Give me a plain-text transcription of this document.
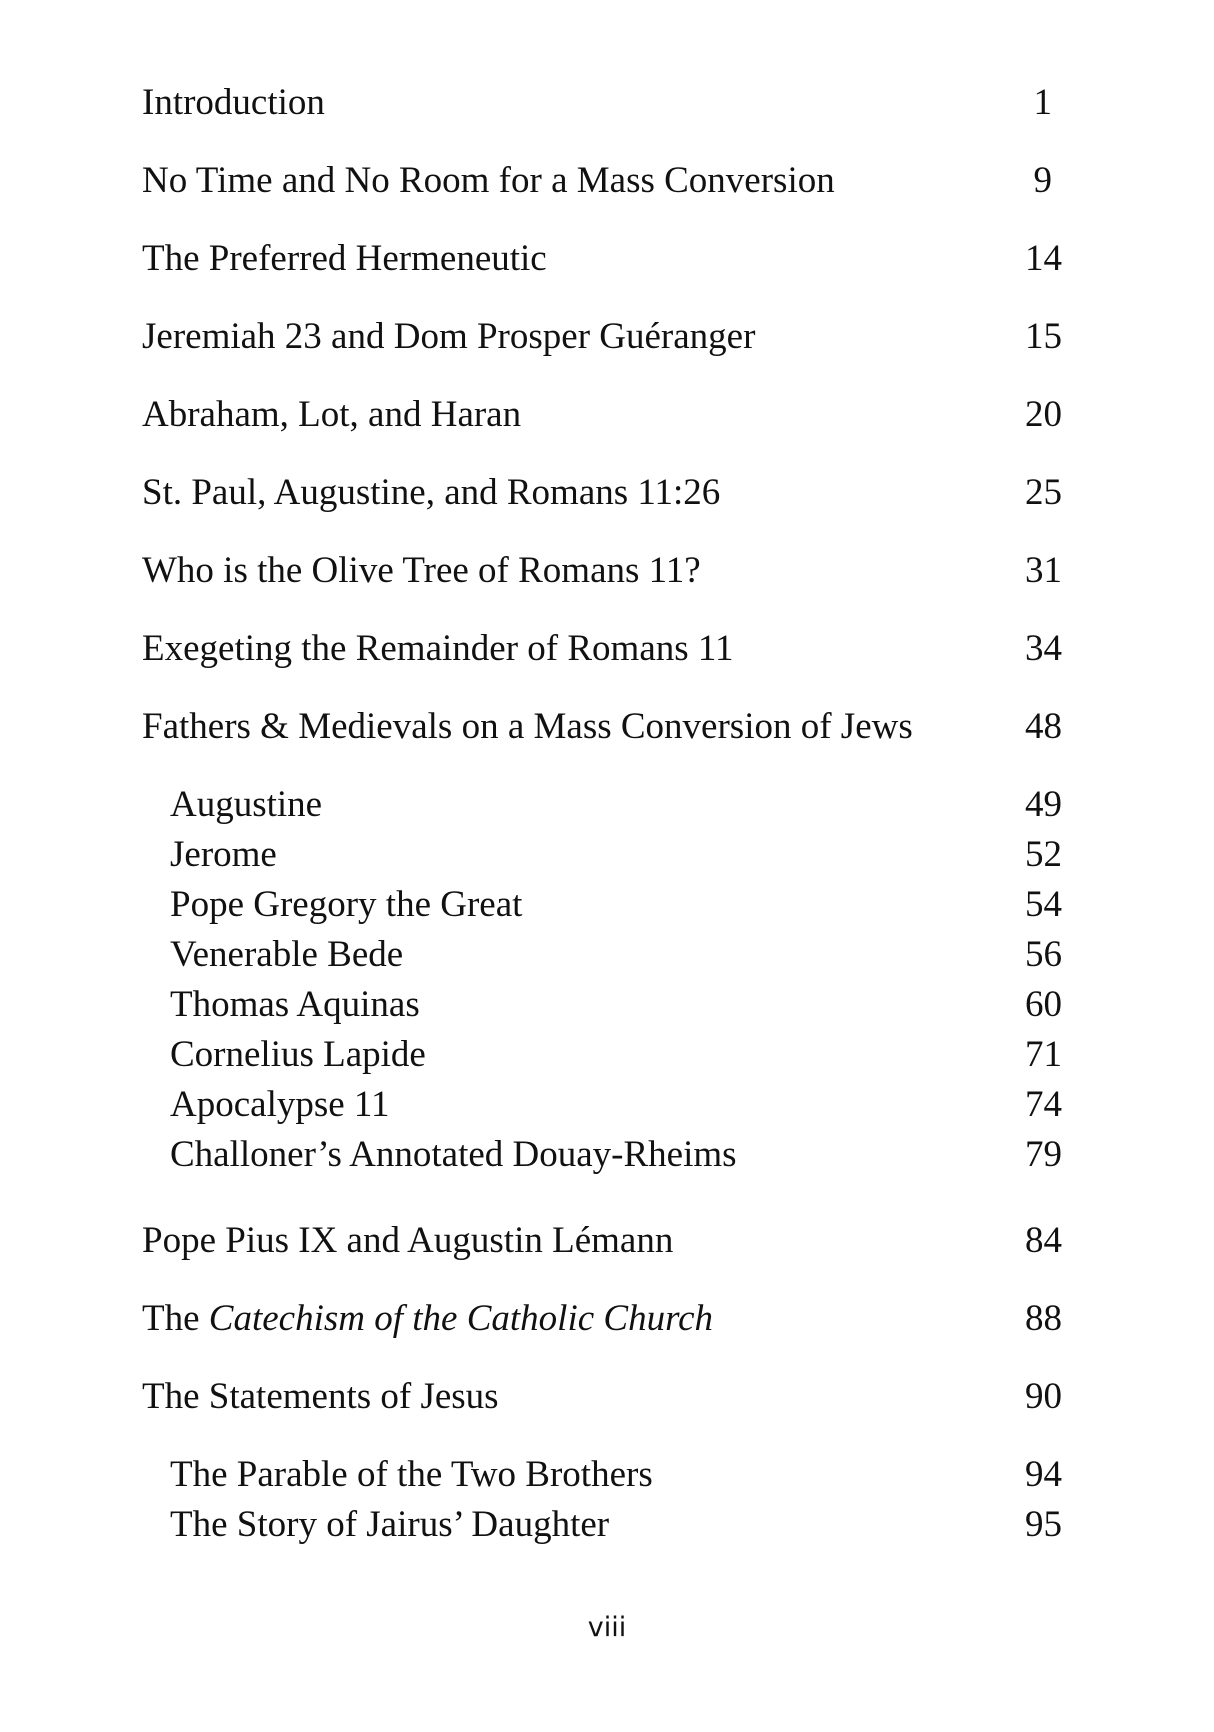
Introduction	1
No Time and No Room for a Mass Conversion	9
The Preferred Hermeneutic	14
Jeremiah 23 and Dom Prosper Guéranger	15
Abraham, Lot, and Haran	20
St. Paul, Augustine, and Romans 11:26	25
Who is the Olive Tree of Romans 11?	31
Exegeting the Remainder of Romans 11	34
Fathers & Medievals on a Mass Conversion of Jews	48
Augustine	49
Jerome	52
Pope Gregory the Great	54
Venerable Bede	56
Thomas Aquinas	60
Cornelius Lapide	71
Apocalypse 11	74
Challoner’s Annotated Douay-Rheims	79
Pope Pius IX and Augustin Lémann	84
The Catechism of the Catholic Church	88
The Statements of Jesus	90
The Parable of the Two Brothers	94
The Story of Jairus’ Daughter	95
viii
